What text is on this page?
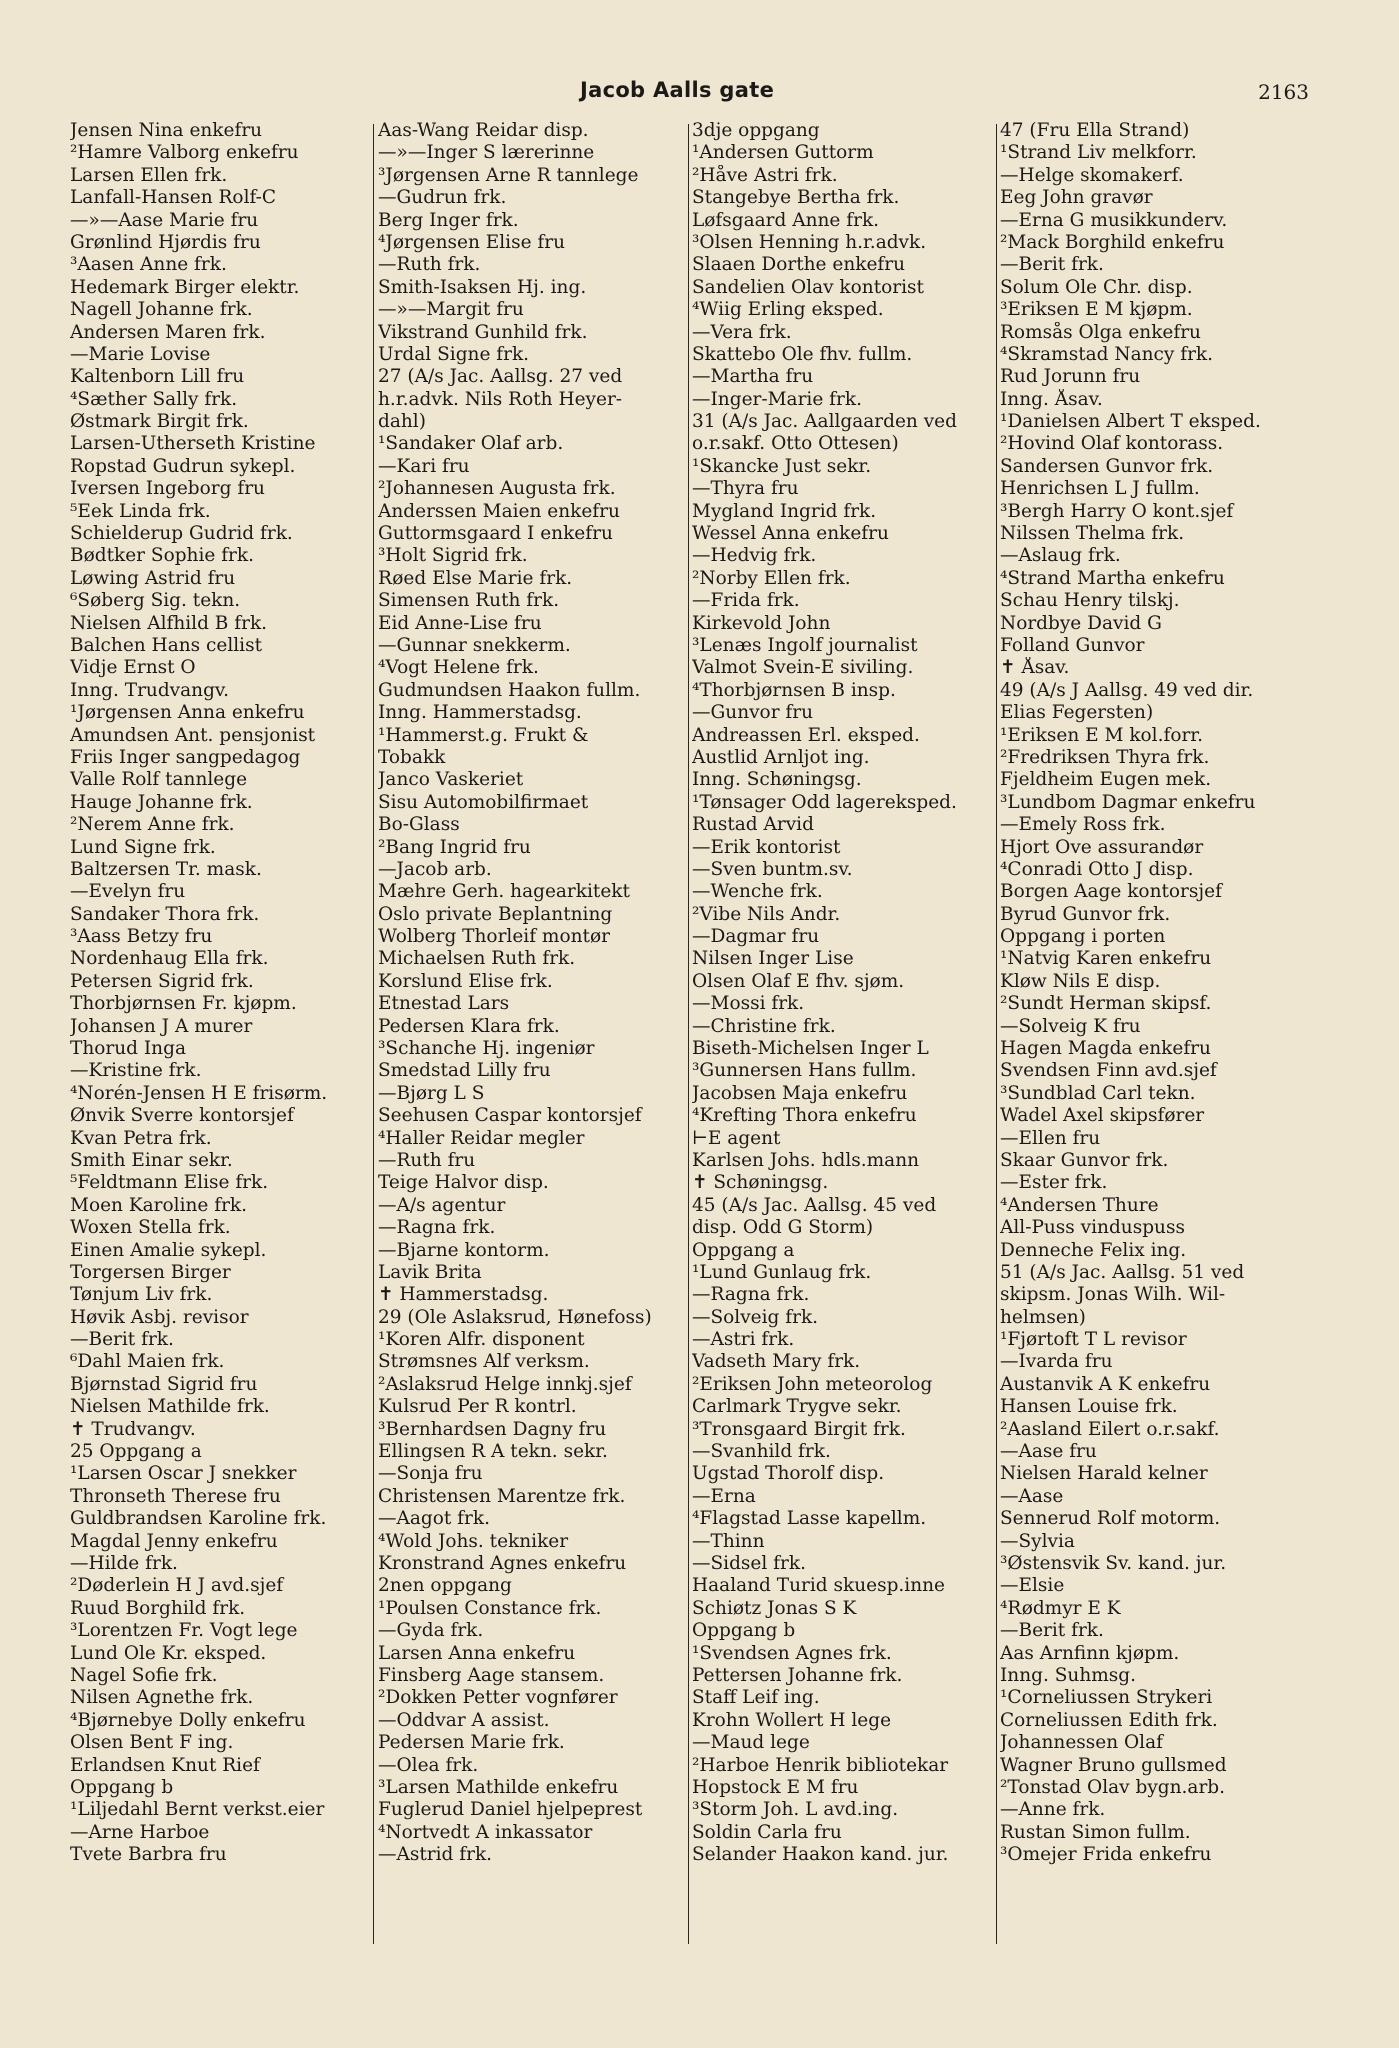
Jacob Aalls gate	2163
Jensen Nina enkefru
²Hamre Valborg enkefru
Larsen Ellen frk.
Lanfall-Hansen Rolf-C
—»—Aase Marie fru
Grønlind Hjørdis fru
³Aasen Anne frk.
Hedemark Birger elektr.
Nagell Johanne frk.
Andersen Maren frk.
—Marie Lovise
Kaltenborn Lill fru
⁴Sæther Sally frk.
Østmark Birgit frk.
Larsen-Utherseth Kristine
Ropstad Gudrun sykepl.
Iversen Ingeborg fru
⁵Eek Linda frk.
Schielderup Gudrid frk.
Bødtker Sophie frk.
Løwing Astrid fru
⁶Søberg Sig. tekn.
Nielsen Alfhild B frk.
Balchen Hans cellist
Vidje Ernst O
Inng. Trudvangv.
¹Jørgensen Anna enkefru
Amundsen Ant. pensjonist
Friis Inger sangpedagog
Valle Rolf tannlege
Hauge Johanne frk.
²Nerem Anne frk.
Lund Signe frk.
Baltzersen Tr. mask.
—Evelyn fru
Sandaker Thora frk.
³Aass Betzy fru
Nordenhaug Ella frk.
Petersen Sigrid frk.
Thorbjørnsen Fr. kjøpm.
Johansen J A murer
Thorud Inga
—Kristine frk.
⁴Norén-Jensen H E frisørm.
Ønvik Sverre kontorsjef
Kvan Petra frk.
Smith Einar sekr.
⁵Feldtmann Elise frk.
Moen Karoline frk.
Woxen Stella frk.
Einen Amalie sykepl.
Torgersen Birger
Tønjum Liv frk.
Høvik Asbj. revisor
—Berit frk.
⁶Dahl Maien frk.
Bjørnstad Sigrid fru
Nielsen Mathilde frk.
✝ Trudvangv.
25 Oppgang a
¹Larsen Oscar J snekker
Thronseth Therese fru
Guldbrandsen Karoline frk.
Magdal Jenny enkefru
—Hilde frk.
²Døderlein H J avd.sjef
Ruud Borghild frk.
³Lorentzen Fr. Vogt lege
Lund Ole Kr. eksped.
Nagel Sofie frk.
Nilsen Agnethe frk.
⁴Bjørnebye Dolly enkefru
Olsen Bent F ing.
Erlandsen Knut Rief
Oppgang b
¹Liljedahl Bernt verkst.eier
—Arne Harboe
Tvete Barbra fru
Aas-Wang Reidar disp.
—»—Inger S lærerinne
³Jørgensen Arne R tannlege
—Gudrun frk.
Berg Inger frk.
⁴Jørgensen Elise fru
—Ruth frk.
Smith-Isaksen Hj. ing.
—»—Margit fru
Vikstrand Gunhild frk.
Urdal Signe frk.
27 (A/s Jac. Aallsg. 27 ved
h.r.advk. Nils Roth Heyer-
dahl)
¹Sandaker Olaf arb.
—Kari fru
²Johannesen Augusta frk.
Anderssen Maien enkefru
Guttormsgaard I enkefru
³Holt Sigrid frk.
Røed Else Marie frk.
Simensen Ruth frk.
Eid Anne-Lise fru
—Gunnar snekkerm.
⁴Vogt Helene frk.
Gudmundsen Haakon fullm.
Inng. Hammerstadsg.
¹Hammerst.g. Frukt &
Tobakk
Janco Vaskeriet
Sisu Automobilfirmaet
Bo-Glass
²Bang Ingrid fru
—Jacob arb.
Mæhre Gerh. hagearkitekt
Oslo private Beplantning
Wolberg Thorleif montør
Michaelsen Ruth frk.
Korslund Elise frk.
Etnestad Lars
Pedersen Klara frk.
³Schanche Hj. ingeniør
Smedstad Lilly fru
—Bjørg L S
Seehusen Caspar kontorsjef
⁴Haller Reidar megler
—Ruth fru
Teige Halvor disp.
—A/s agentur
—Ragna frk.
—Bjarne kontorm.
Lavik Brita
✝ Hammerstadsg.
29 (Ole Aslaksrud, Hønefoss)
¹Koren Alfr. disponent
Strømsnes Alf verksm.
²Aslaksrud Helge innkj.sjef
Kulsrud Per R kontrl.
³Bernhardsen Dagny fru
Ellingsen R A tekn. sekr.
—Sonja fru
Christensen Marentze frk.
—Aagot frk.
⁴Wold Johs. tekniker
Kronstrand Agnes enkefru
2nen oppgang
¹Poulsen Constance frk.
—Gyda frk.
Larsen Anna enkefru
Finsberg Aage stansem.
²Dokken Petter vognfører
—Oddvar A assist.
Pedersen Marie frk.
—Olea frk.
³Larsen Mathilde enkefru
Fuglerud Daniel hjelpeprest
⁴Nortvedt A inkassator
—Astrid frk.
3dje oppgang
¹Andersen Guttorm
²Håve Astri frk.
Stangebye Bertha frk.
Løfsgaard Anne frk.
³Olsen Henning h.r.advk.
Slaaen Dorthe enkefru
Sandelien Olav kontorist
⁴Wiig Erling eksped.
—Vera frk.
Skattebo Ole fhv. fullm.
—Martha fru
—Inger-Marie frk.
31 (A/s Jac. Aallgaarden ved
o.r.sakf. Otto Ottesen)
¹Skancke Just sekr.
—Thyra fru
Mygland Ingrid frk.
Wessel Anna enkefru
—Hedvig frk.
²Norby Ellen frk.
—Frida frk.
Kirkevold John
³Lenæs Ingolf journalist
Valmot Svein-E siviling.
⁴Thorbjørnsen B insp.
—Gunvor fru
Andreassen Erl. eksped.
Austlid Arnljot ing.
Inng. Schøningsg.
¹Tønsager Odd lagereksped.
Rustad Arvid
—Erik kontorist
—Sven buntm.sv.
—Wenche frk.
²Vibe Nils Andr.
—Dagmar fru
Nilsen Inger Lise
Olsen Olaf E fhv. sjøm.
—Mossi frk.
—Christine frk.
Biseth-Michelsen Inger L
³Gunnersen Hans fullm.
Jacobsen Maja enkefru
⁴Krefting Thora enkefru
⊢E agent
Karlsen Johs. hdls.mann
✝ Schøningsg.
45 (A/s Jac. Aallsg. 45 ved
disp. Odd G Storm)
Oppgang a
¹Lund Gunlaug frk.
—Ragna frk.
—Solveig frk.
—Astri frk.
Vadseth Mary frk.
²Eriksen John meteorolog
Carlmark Trygve sekr.
³Tronsgaard Birgit frk.
—Svanhild frk.
Ugstad Thorolf disp.
—Erna
⁴Flagstad Lasse kapellm.
—Thinn
—Sidsel frk.
Haaland Turid skuesp.inne
Schiøtz Jonas S K
Oppgang b
¹Svendsen Agnes frk.
Pettersen Johanne frk.
Staff Leif ing.
Krohn Wollert H lege
—Maud lege
²Harboe Henrik bibliotekar
Hopstock E M fru
³Storm Joh. L avd.ing.
Soldin Carla fru
Selander Haakon kand. jur.
47 (Fru Ella Strand)
¹Strand Liv melkforr.
—Helge skomakerf.
Eeg John gravør
—Erna G musikkunderv.
²Mack Borghild enkefru
—Berit frk.
Solum Ole Chr. disp.
³Eriksen E M kjøpm.
Romsås Olga enkefru
⁴Skramstad Nancy frk.
Rud Jorunn fru
Inng. Åsav.
¹Danielsen Albert T eksped.
²Hovind Olaf kontorass.
Sandersen Gunvor frk.
Henrichsen L J fullm.
³Bergh Harry O kont.sjef
Nilssen Thelma frk.
—Aslaug frk.
⁴Strand Martha enkefru
Schau Henry tilskj.
Nordbye David G
Folland Gunvor
✝ Åsav.
49 (A/s J Aallsg. 49 ved dir.
Elias Fegersten)
¹Eriksen E M kol.forr.
²Fredriksen Thyra frk.
Fjeldheim Eugen mek.
³Lundbom Dagmar enkefru
—Emely Ross frk.
Hjort Ove assurandør
⁴Conradi Otto J disp.
Borgen Aage kontorsjef
Byrud Gunvor frk.
Oppgang i porten
¹Natvig Karen enkefru
Kløw Nils E disp.
²Sundt Herman skipsf.
—Solveig K fru
Hagen Magda enkefru
Svendsen Finn avd.sjef
³Sundblad Carl tekn.
Wadel Axel skipsfører
—Ellen fru
Skaar Gunvor frk.
—Ester frk.
⁴Andersen Thure
All-Puss vinduspuss
Denneche Felix ing.
51 (A/s Jac. Aallsg. 51 ved
skipsm. Jonas Wilh. Wil-
helmsen)
¹Fjørtoft T L revisor
—Ivarda fru
Austanvik A K enkefru
Hansen Louise frk.
²Aasland Eilert o.r.sakf.
—Aase fru
Nielsen Harald kelner
—Aase
Sennerud Rolf motorm.
—Sylvia
³Østensvik Sv. kand. jur.
—Elsie
⁴Rødmyr E K
—Berit frk.
Aas Arnfinn kjøpm.
Inng. Suhmsg.
¹Corneliussen Strykeri
Corneliussen Edith frk.
Johannessen Olaf
Wagner Bruno gullsmed
²Tonstad Olav bygn.arb.
—Anne frk.
Rustan Simon fullm.
³Omejer Frida enkefru
